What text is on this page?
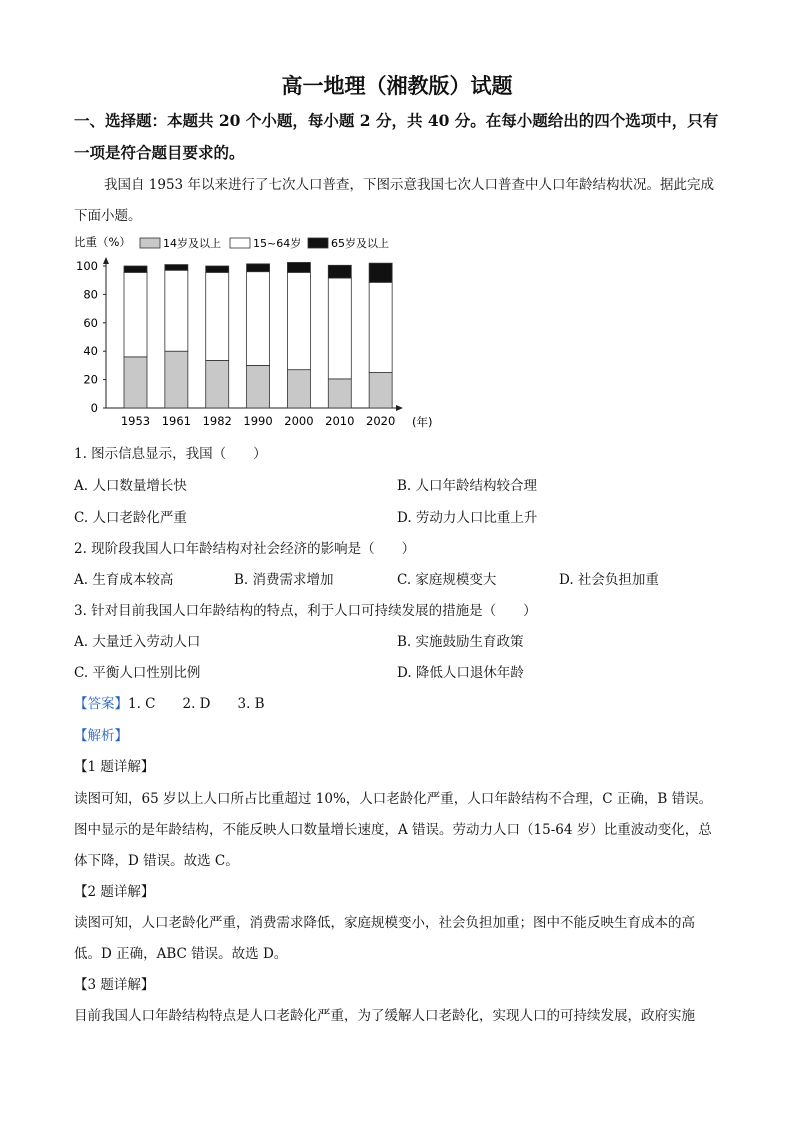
高一地理（湘教版）试题
一、选择题：本题共 20 个小题，每小题 2 分，共 40 分。在每小题给出的四个选项中，只有
一项是符合题目要求的。
我国自 1953 年以来进行了七次人口普查，下图示意我国七次人口普查中人口年龄结构状况。据此完成
下面小题。
比重（%）	14岁及以上	15~64岁	65岁及以上
0
20
40
60
80
100
1953 1961 1982 1990 2000 2010 2020 (年)
1. 图示信息显示，我国（　　）
A. 人口数量增长快	B. 人口年龄结构较合理
C. 人口老龄化严重	D. 劳动力人口比重上升
2. 现阶段我国人口年龄结构对社会经济的影响是（　　）
A. 生育成本较高	B. 消费需求增加	C. 家庭规模变大	D. 社会负担加重
3. 针对目前我国人口年龄结构的特点，利于人口可持续发展的措施是（　　）
A. 大量迁入劳动人口	B. 实施鼓励生育政策
C. 平衡人口性别比例	D. 降低人口退休年龄
【答案】1. C　　2. D　　3. B
【解析】
【1 题详解】
读图可知，65 岁以上人口所占比重超过 10%，人口老龄化严重，人口年龄结构不合理，C 正确，B 错误。
图中显示的是年龄结构，不能反映人口数量增长速度，A 错误。劳动力人口（15-64 岁）比重波动变化，总
体下降，D 错误。故选 C。
【2 题详解】
读图可知，人口老龄化严重，消费需求降低，家庭规模变小，社会负担加重；图中不能反映生育成本的高
低。D 正确，ABC 错误。故选 D。
【3 题详解】
目前我国人口年龄结构特点是人口老龄化严重，为了缓解人口老龄化，实现人口的可持续发展，政府实施
